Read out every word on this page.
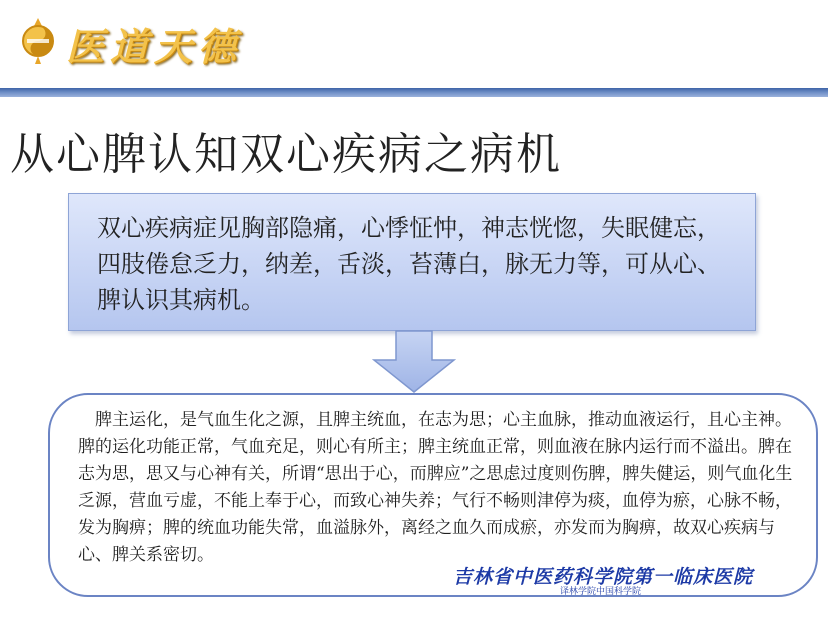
医道天德
从心脾认知双心疾病之病机
双心疾病症见胸部隐痛，心悸怔忡，神志恍惚，失眠健忘，四肢倦怠乏力，纳差，舌淡，苔薄白，脉无力等，可从心、脾认识其病机。
脾主运化，是气血生化之源，且脾主统血，在志为思；心主血脉，推动血液运行，且心主神。脾的运化功能正常，气血充足，则心有所主；脾主统血正常，则血液在脉内运行而不溢出。脾在志为思，思又与心神有关，所谓“思出于心，而脾应”之思虑过度则伤脾，脾失健运，则气血化生乏源，营血亏虚，不能上奉于心，而致心神失养；气行不畅则津停为痰，血停为瘀，心脉不畅，发为胸痹；脾的统血功能失常，血溢脉外，离经之血久而成瘀，亦发而为胸痹，故双心疾病与心、脾关系密切。
吉林省中医药科学院第一临床医院
译林学院中国科学院
